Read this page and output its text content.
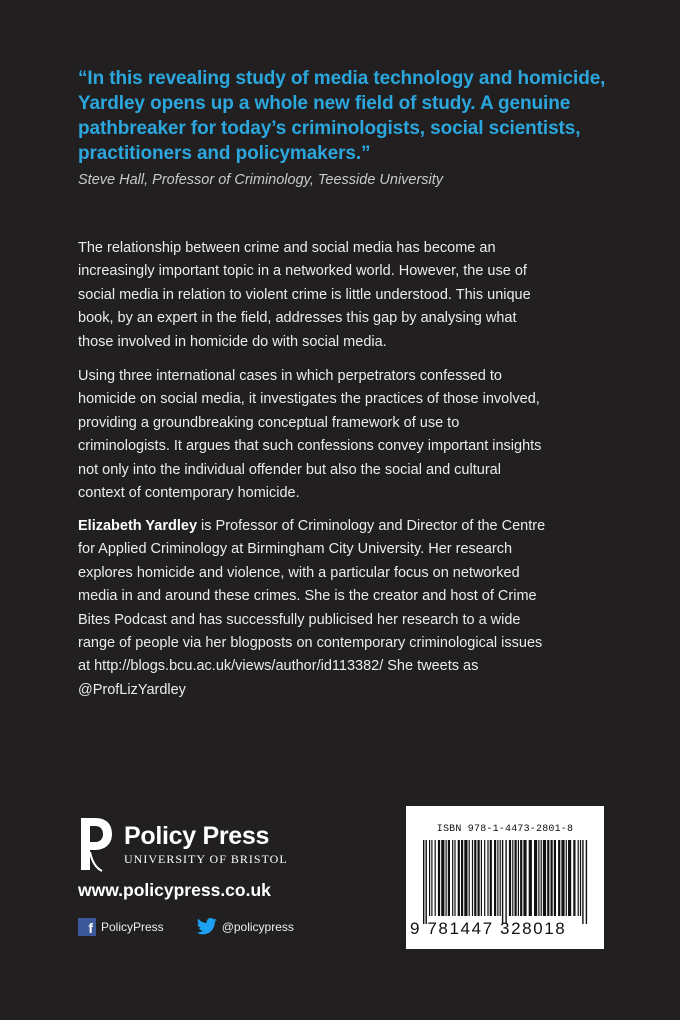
“In this revealing study of media technology and homicide, Yardley opens up a whole new field of study. A genuine pathbreaker for today’s criminologists, social scientists, practitioners and policymakers.”

Steve Hall, Professor of Criminology, Teesside University

The relationship between crime and social media has become an increasingly important topic in a networked world. However, the use of social media in relation to violent crime is little understood. This unique book, by an expert in the field, addresses this gap by analysing what those involved in homicide do with social media.

Using three international cases in which perpetrators confessed to homicide on social media, it investigates the practices of those involved, providing a groundbreaking conceptual framework of use to criminologists. It argues that such confessions convey important insights not only into the individual offender but also the social and cultural context of contemporary homicide.

Elizabeth Yardley is Professor of Criminology and Director of the Centre for Applied Criminology at Birmingham City University. Her research explores homicide and violence, with a particular focus on networked media in and around these crimes. She is the creator and host of Crime Bites Podcast and has successfully publicised her research to a wide range of people via her blogposts on contemporary criminological issues at http://blogs.bcu.ac.uk/views/author/id113382/ She tweets as @ProfLizYardley

Policy Press
UNIVERSITY OF BRISTOL
www.policypress.co.uk
f PolicyPress	@policypress
ISBN 978-1-4473-2801-8
9 781447 328018
